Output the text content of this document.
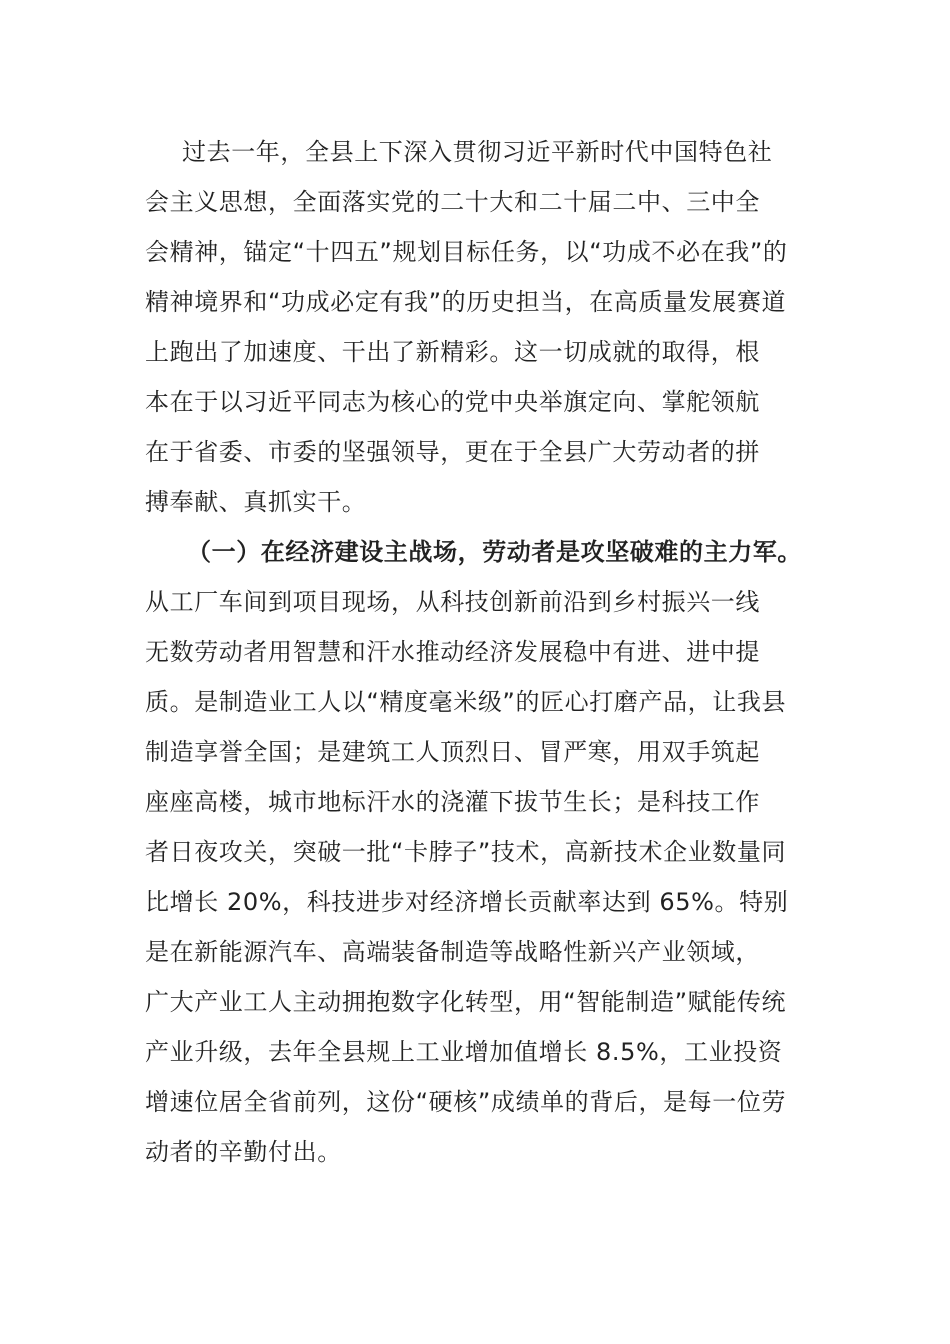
过去一年，全县上下深入贯彻习近平新时代中国特色社
会主义思想，全面落实党的二十大和二十届二中、三中全
会精神，锚定“十四五”规划目标任务，以“功成不必在我”的
精神境界和“功成必定有我”的历史担当，在高质量发展赛道
上跑出了加速度、干出了新精彩。这一切成就的取得，根
本在于以习近平同志为核心的党中央举旗定向、掌舵领航
在于省委、市委的坚强领导，更在于全县广大劳动者的拼
搏奉献、真抓实干。
（一）在经济建设主战场，劳动者是攻坚破难的主力军。
从工厂车间到项目现场，从科技创新前沿到乡村振兴一线
无数劳动者用智慧和汗水推动经济发展稳中有进、进中提
质。是制造业工人以“精度毫米级”的匠心打磨产品，让我县
制造享誉全国；是建筑工人顶烈日、冒严寒，用双手筑起
座座高楼，城市地标汗水的浇灌下拔节生长；是科技工作
者日夜攻关，突破一批“卡脖子”技术，高新技术企业数量同
比增长 20%，科技进步对经济增长贡献率达到 65%。特别
是在新能源汽车、高端装备制造等战略性新兴产业领域，
广大产业工人主动拥抱数字化转型，用“智能制造”赋能传统
产业升级，去年全县规上工业增加值增长 8.5%，工业投资
增速位居全省前列，这份“硬核”成绩单的背后，是每一位劳
动者的辛勤付出。
